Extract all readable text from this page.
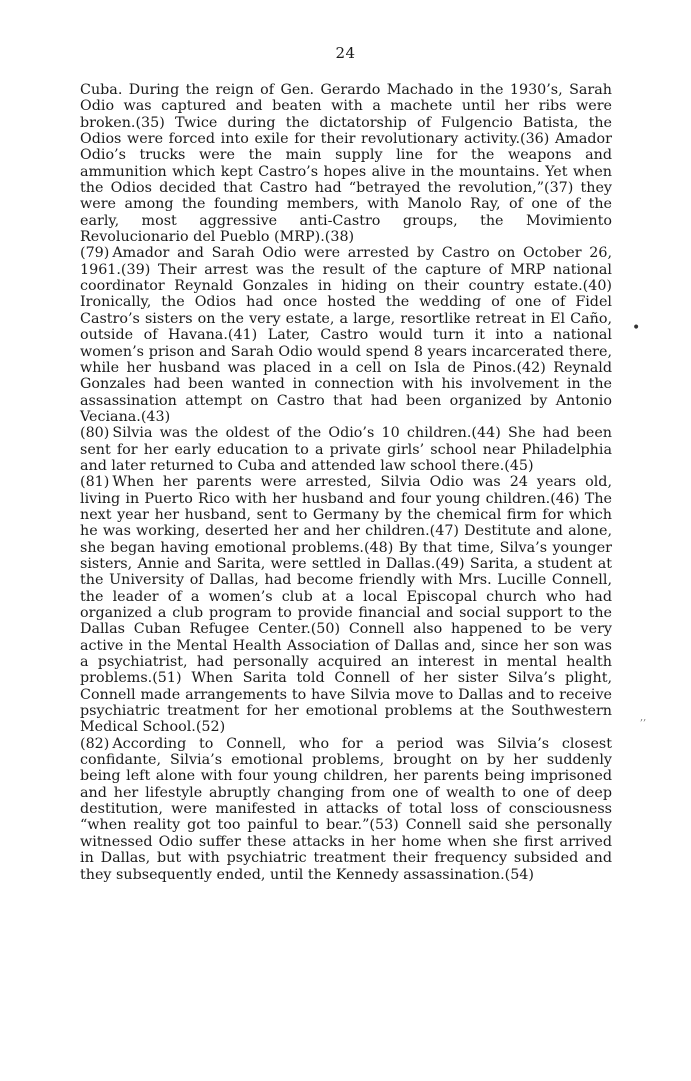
24

Cuba. During the reign of Gen. Gerardo Machado in the 1930’s, Sarah Odio was captured and beaten with a machete until her ribs were broken.(35) Twice during the dictatorship of Fulgencio Batista, the Odios were forced into exile for their revolutionary activity.(36) Amador Odio’s trucks were the main supply line for the weapons and ammunition which kept Castro’s hopes alive in the mountains. Yet when the Odios decided that Castro had “betrayed the revolution,”(37) they were among the founding members, with Manolo Ray, of one of the early, most aggressive anti-Castro groups, the Movimiento Revolucionario del Pueblo (MRP).(38)

(79) Amador and Sarah Odio were arrested by Castro on October 26, 1961.(39) Their arrest was the result of the capture of MRP national coordinator Reynald Gonzales in hiding on their country estate.(40) Ironically, the Odios had once hosted the wedding of one of Fidel Castro’s sisters on the very estate, a large, resortlike retreat in El Caño, outside of Havana.(41) Later, Castro would turn it into a national women’s prison and Sarah Odio would spend 8 years incarcerated there, while her husband was placed in a cell on Isla de Pinos.(42) Reynald Gonzales had been wanted in connection with his involvement in the assassination attempt on Castro that had been organized by Antonio Veciana.(43)

(80) Silvia was the oldest of the Odio’s 10 children.(44) She had been sent for her early education to a private girls’ school near Philadelphia and later returned to Cuba and attended law school there.(45)

(81) When her parents were arrested, Silvia Odio was 24 years old, living in Puerto Rico with her husband and four young children.(46) The next year her husband, sent to Germany by the chemical firm for which he was working, deserted her and her children.(47) Destitute and alone, she began having emotional problems.(48) By that time, Silva’s younger sisters, Annie and Sarita, were settled in Dallas.(49) Sarita, a student at the University of Dallas, had become friendly with Mrs. Lucille Connell, the leader of a women’s club at a local Episcopal church who had organized a club program to provide financial and social support to the Dallas Cuban Refugee Center.(50) Connell also happened to be very active in the Mental Health Association of Dallas and, since her son was a psychiatrist, had personally acquired an interest in mental health problems.(51) When Sarita told Connell of her sister Silva’s plight, Connell made arrangements to have Silvia move to Dallas and to receive psychiatric treatment for her emotional problems at the Southwestern Medical School.(52)

(82) According to Connell, who for a period was Silvia’s closest confidante, Silvia’s emotional problems, brought on by her suddenly being left alone with four young children, her parents being imprisoned and her lifestyle abruptly changing from one of wealth to one of deep destitution, were manifested in attacks of total loss of consciousness “when reality got too painful to bear.”(53) Connell said she personally witnessed Odio suffer these attacks in her home when she first arrived in Dallas, but with psychiatric treatment their frequency subsided and they subsequently ended, until the Kennedy assassination.(54)

•
,,
